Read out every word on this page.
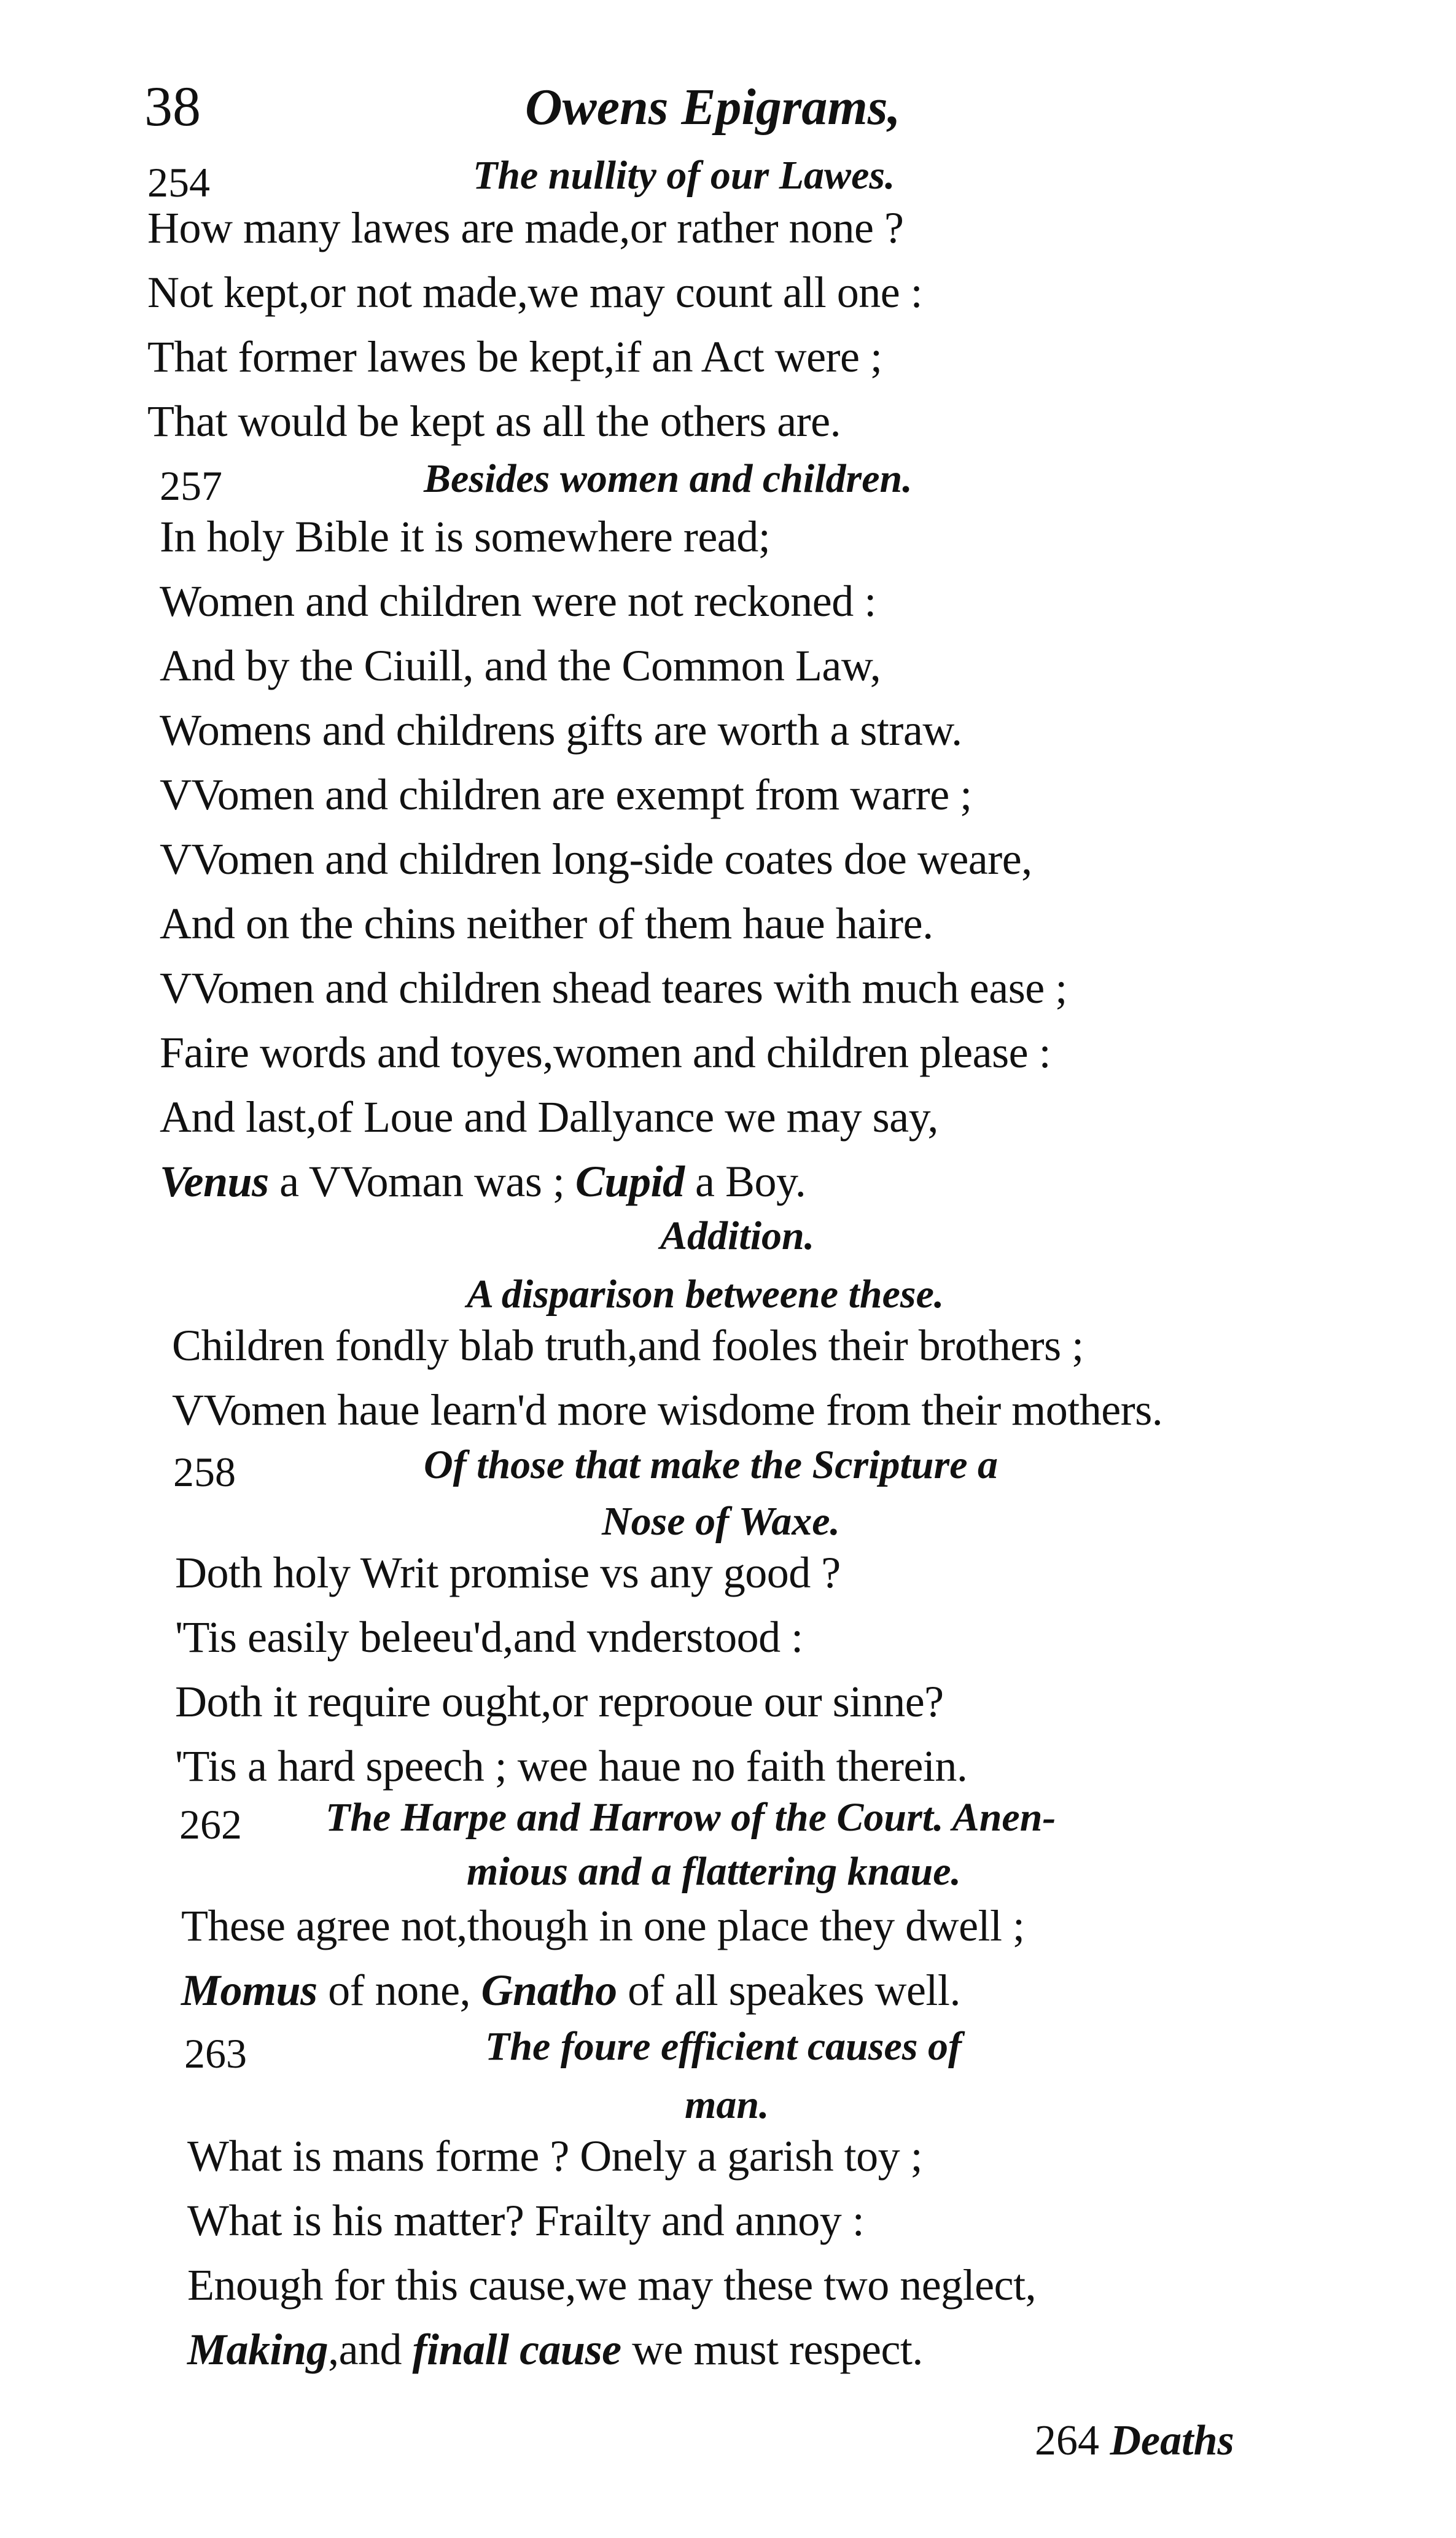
38	Owens Epigrams,
254	The nullity of our Lawes.
How many lawes are made,or rather none ?
Not kept,or not made,we may count all one :
That former lawes be kept,if an Act were ;
That would be kept as all the others are.
257	Besides women and children.
In holy Bible it is somewhere read;
Women and children were not reckoned :
And by the Ciuill, and the Common Law,
Womens and childrens gifts are worth a straw.
VVomen and children are exempt from warre ;
VVomen and children long-side coates doe weare,
And on the chins neither of them haue haire.
VVomen and children shead teares with much ease ;
Faire words and toyes,women and children please :
And last,of Loue and Dallyance we may say,
Venus a VVoman was ; Cupid a Boy.
Addition.
A disparison betweene these.
Children fondly blab truth,and fooles their brothers ;
VVomen haue learn'd more wisdome from their mothers.
258	Of those that make the Scripture a
Nose of Waxe.
Doth holy Writ promise vs any good ?
'Tis easily beleeu'd,and vnderstood :
Doth it require ought,or reprooue our sinne?
'Tis a hard speech ; wee haue no faith therein.
262 The Harpe and Harrow of the Court. Anen-
mious and a flattering knaue.
These agree not,though in one place they dwell ;
Momus of none, Gnatho of all speakes well.
263	The foure efficient causes of
man.
What is mans forme ? Onely a garish toy ;
What is his matter? Frailty and annoy :
Enough for this cause,we may these two neglect,
Making,and finall cause we must respect.
264 Deaths
